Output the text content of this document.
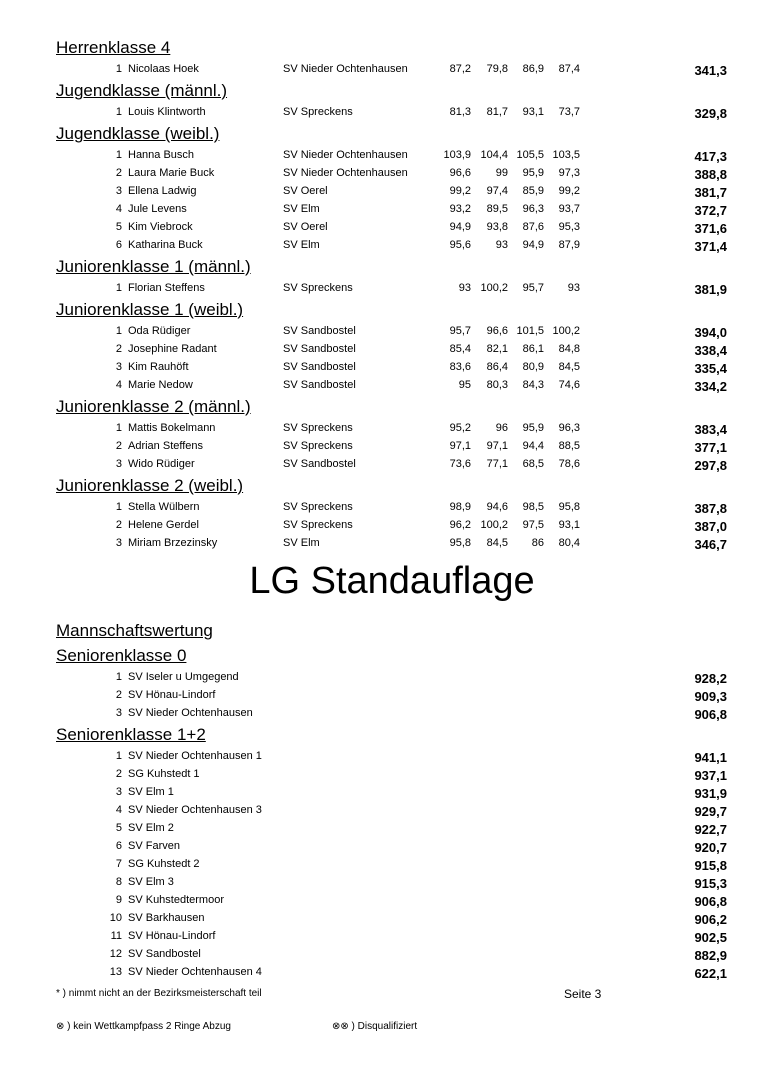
Herrenklasse 4
1 Nicolaas Hoek	SV Nieder Ochtenhausen	87,2 79,8 86,9 87,4	341,3
Jugendklasse (männl.)
1 Louis Klintworth	SV Spreckens	81,3 81,7 93,1 73,7	329,8
Jugendklasse (weibl.)
1 Hanna Busch	SV Nieder Ochtenhausen	103,9 104,4 105,5 103,5	417,3
2 Laura Marie Buck	SV Nieder Ochtenhausen	96,6 99 95,9 97,3	388,8
3 Ellena Ladwig	SV Oerel	99,2 97,4 85,9 99,2	381,7
4 Jule Levens	SV Elm	93,2 89,5 96,3 93,7	372,7
5 Kim Viebrock	SV Oerel	94,9 93,8 87,6 95,3	371,6
6 Katharina Buck	SV Elm	95,6 93 94,9 87,9	371,4
Juniorenklasse 1 (männl.)
1 Florian Steffens	SV Spreckens	93 100,2 95,7 93	381,9
Juniorenklasse 1 (weibl.)
1 Oda Rüdiger	SV Sandbostel	95,7 96,6 101,5 100,2	394,0
2 Josephine Radant	SV Sandbostel	85,4 82,1 86,1 84,8	338,4
3 Kim Rauhöft	SV Sandbostel	83,6 86,4 80,9 84,5	335,4
4 Marie Nedow	SV Sandbostel	95 80,3 84,3 74,6	334,2
Juniorenklasse 2 (männl.)
1 Mattis Bokelmann	SV Spreckens	95,2 96 95,9 96,3	383,4
2 Adrian Steffens	SV Spreckens	97,1 97,1 94,4 88,5	377,1
3 Wido Rüdiger	SV Sandbostel	73,6 77,1 68,5 78,6	297,8
Juniorenklasse 2 (weibl.)
1 Stella Wülbern	SV Spreckens	98,9 94,6 98,5 95,8	387,8
2 Helene Gerdel	SV Spreckens	96,2 100,2 97,5 93,1	387,0
3 Miriam Brzezinsky	SV Elm	95,8 84,5 86 80,4	346,7
LG Standauflage
Mannschaftswertung
Seniorenklasse 0
1 SV Iseler u Umgegend	928,2
2 SV Hönau-Lindorf	909,3
3 SV Nieder Ochtenhausen	906,8
Seniorenklasse 1+2
1 SV Nieder Ochtenhausen 1	941,1
2 SG Kuhstedt 1	937,1
3 SV Elm 1	931,9
4 SV Nieder Ochtenhausen 3	929,7
5 SV Elm 2	922,7
6 SV Farven	920,7
7 SG Kuhstedt 2	915,8
8 SV Elm 3	915,3
9 SV Kuhstedtermoor	906,8
10 SV Barkhausen	906,2
11 SV Hönau-Lindorf	902,5
12 SV Sandbostel	882,9
13 SV Nieder Ochtenhausen 4	622,1
* ) nimmt nicht an der Bezirksmeisterschaft teil	Seite 3
⊗ ) kein Wettkampfpass 2 Ringe Abzug	⊗⊗ ) Disqualifiziert
